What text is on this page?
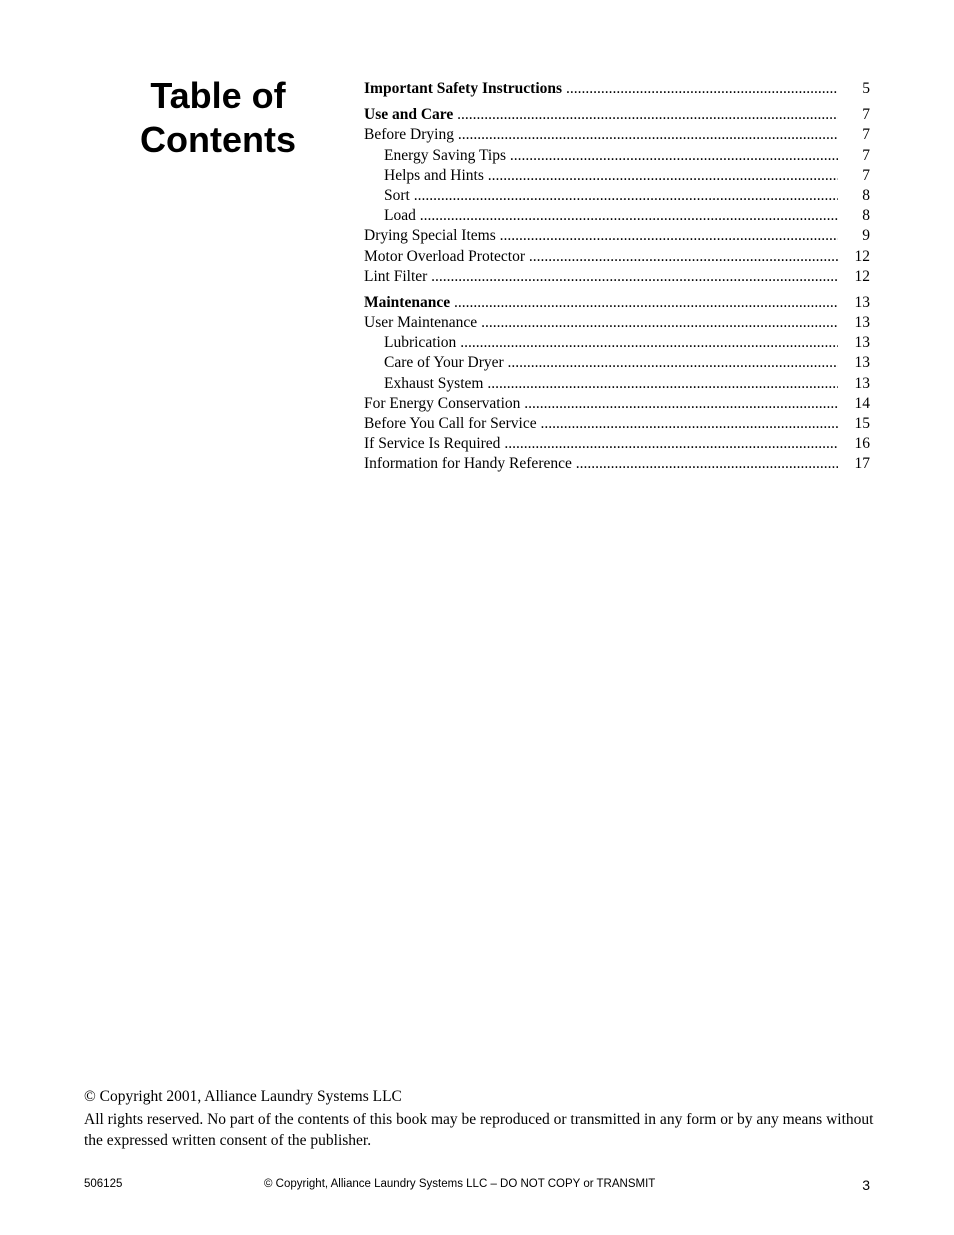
Table of
Contents
Important Safety Instructions .....	5
Use and Care .....	7
Before Drying .....	7
Energy Saving Tips .....	7
Helps and Hints .....	7
Sort .....	8
Load .....	8
Drying Special Items .....	9
Motor Overload Protector .....	12
Lint Filter .....	12
Maintenance .....	13
User Maintenance .....	13
Lubrication .....	13
Care of Your Dryer .....	13
Exhaust System .....	13
For Energy Conservation .....	14
Before You Call for Service .....	15
If Service Is Required .....	16
Information for Handy Reference .....	17

© Copyright 2001, Alliance Laundry Systems LLC

All rights reserved. No part of the contents of this book may be reproduced or transmitted in any form or by any means without the expressed written consent of the publisher.

506125	© Copyright, Alliance Laundry Systems LLC – DO NOT COPY or TRANSMIT	3
